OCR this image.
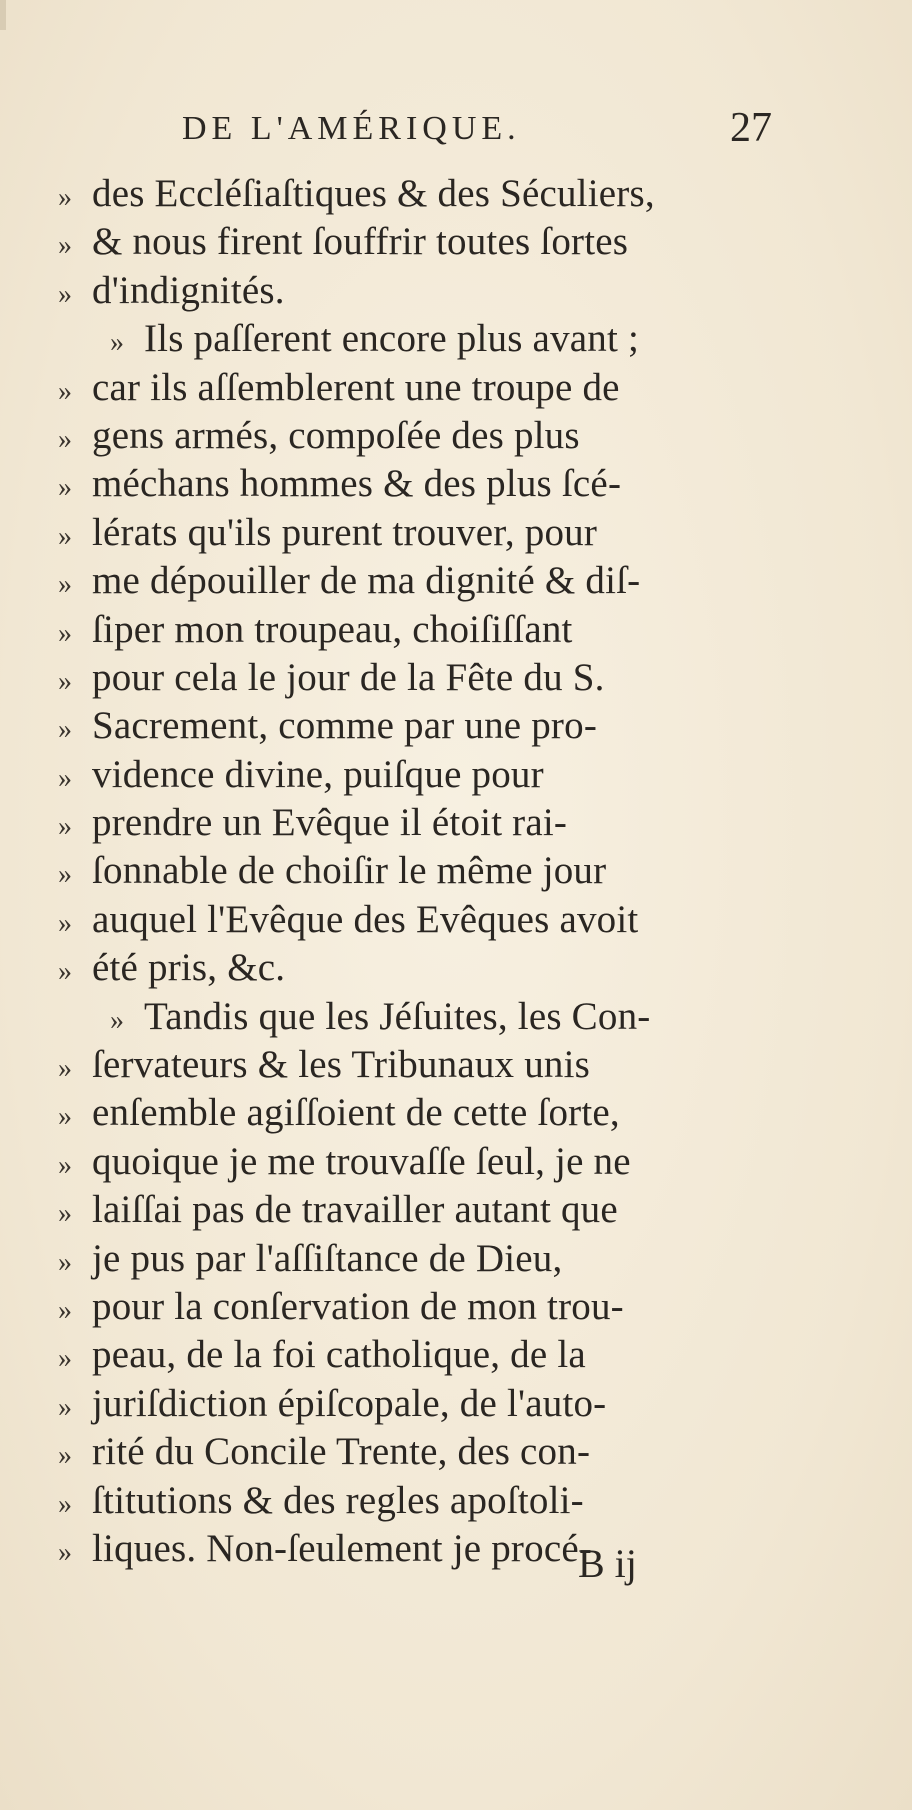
DE L'AMÉRIQUE.	27
» des Eccléſiaſtiques & des Séculiers,
» & nous firent ſouffrir toutes ſortes
» d'indignités.
» Ils paſſerent encore plus avant ;
» car ils aſſemblerent une troupe de
» gens armés, compoſée des plus
» méchans hommes & des plus ſcé-
» lérats qu'ils purent trouver, pour
» me dépouiller de ma dignité & diſ-
» ſiper mon troupeau, choiſiſſant
» pour cela le jour de la Fête du S.
» Sacrement, comme par une pro-
» vidence divine, puiſque pour
» prendre un Evêque il étoit rai-
» ſonnable de choiſir le même jour
» auquel l'Evêque des Evêques avoit
» été pris, &c.
» Tandis que les Jéſuites, les Con-
» ſervateurs & les Tribunaux unis
» enſemble agiſſoient de cette ſorte,
» quoique je me trouvaſſe ſeul, je ne
» laiſſai pas de travailler autant que
» je pus par l'aſſiſtance de Dieu,
» pour la conſervation de mon trou-
» peau, de la foi catholique, de la
» juriſdiction épiſcopale, de l'auto-
» rité du Concile Trente, des con-
» ſtitutions & des regles apoſtoli-
» liques. Non-ſeulement je procé-
B ij
